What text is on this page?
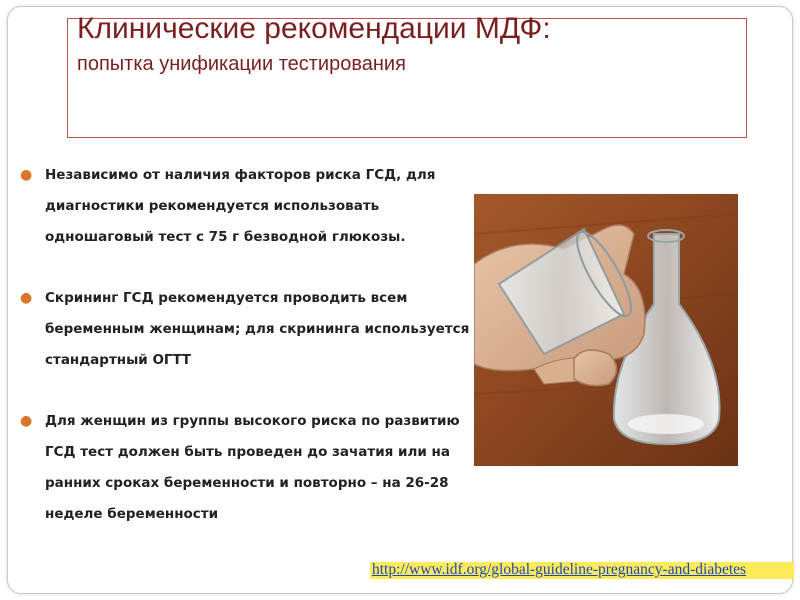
Клинические рекомендации МДФ:
попытка унификации тестирования
● Независимо от наличия факторов риска ГСД, для диагностики рекомендуется использовать одношаговый тест с 75 г безводной глюкозы.
● Скрининг ГСД рекомендуется проводить всем беременным женщинам; для скрининга используется стандартный ОГТТ
● Для женщин из группы высокого риска по развитию ГСД тест должен быть проведен до зачатия или на ранних сроках беременности и повторно – на 26-28 неделе беременности
http://www.idf.org/global-guideline-pregnancy-and-diabetes
